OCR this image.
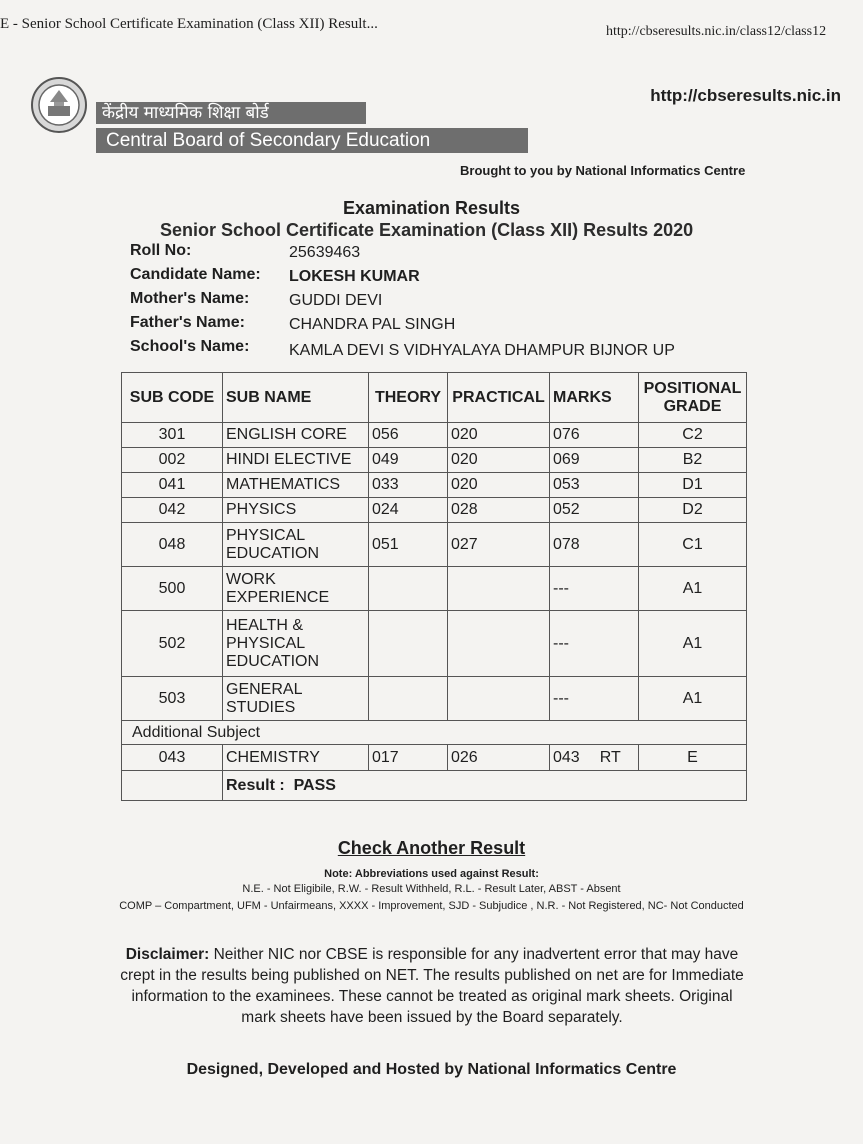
E - Senior School Certificate Examination (Class XII) Result...	http://cbseresults.nic.in/class12/class12
http://cbseresults.nic.in
केंद्रीय माध्यमिक शिक्षा बोर्ड
Central Board of Secondary Education
Brought to you by National Informatics Centre
Examination Results
Senior School Certificate Examination (Class XII) Results 2020
Roll No:	25639463
Candidate Name: LOKESH KUMAR
Mother's Name: GUDDI DEVI
Father's Name:	CHANDRA PAL SINGH
School's Name: KAMLA DEVI S VIDHYALAYA DHAMPUR BIJNOR UP
SUB CODE	SUB NAME	THEORY	PRACTICAL	MARKS	POSITIONAL GRADE
301	ENGLISH CORE	056	020	076	C2
002	HINDI ELECTIVE	049	020	069	B2
041	MATHEMATICS	033	020	053	D1
042	PHYSICS	024	028	052	D2
048	PHYSICAL EDUCATION	051	027	078	C1
500	WORK EXPERIENCE			---	A1
502	HEALTH & PHYSICAL EDUCATION			---	A1
503	GENERAL STUDIES			---	A1
Additional Subject					
043	CHEMISTRY	017	026	043 RT	E
	Result : PASS				
Check Another Result
Note: Abbreviations used against Result:
N.E. - Not Eligibile, R.W. - Result Withheld, R.L. - Result Later, ABST - Absent
COMP – Compartment, UFM - Unfairmeans, XXXX - Improvement, SJD - Subjudice , N.R. - Not Registered, NC- Not Conducted
Disclaimer: Neither NIC nor CBSE is responsible for any inadvertent error that may have crept in the results being published on NET. The results published on net are for Immediate information to the examinees. These cannot be treated as original mark sheets. Original mark sheets have been issued by the Board separately.
Designed, Developed and Hosted by National Informatics Centre
